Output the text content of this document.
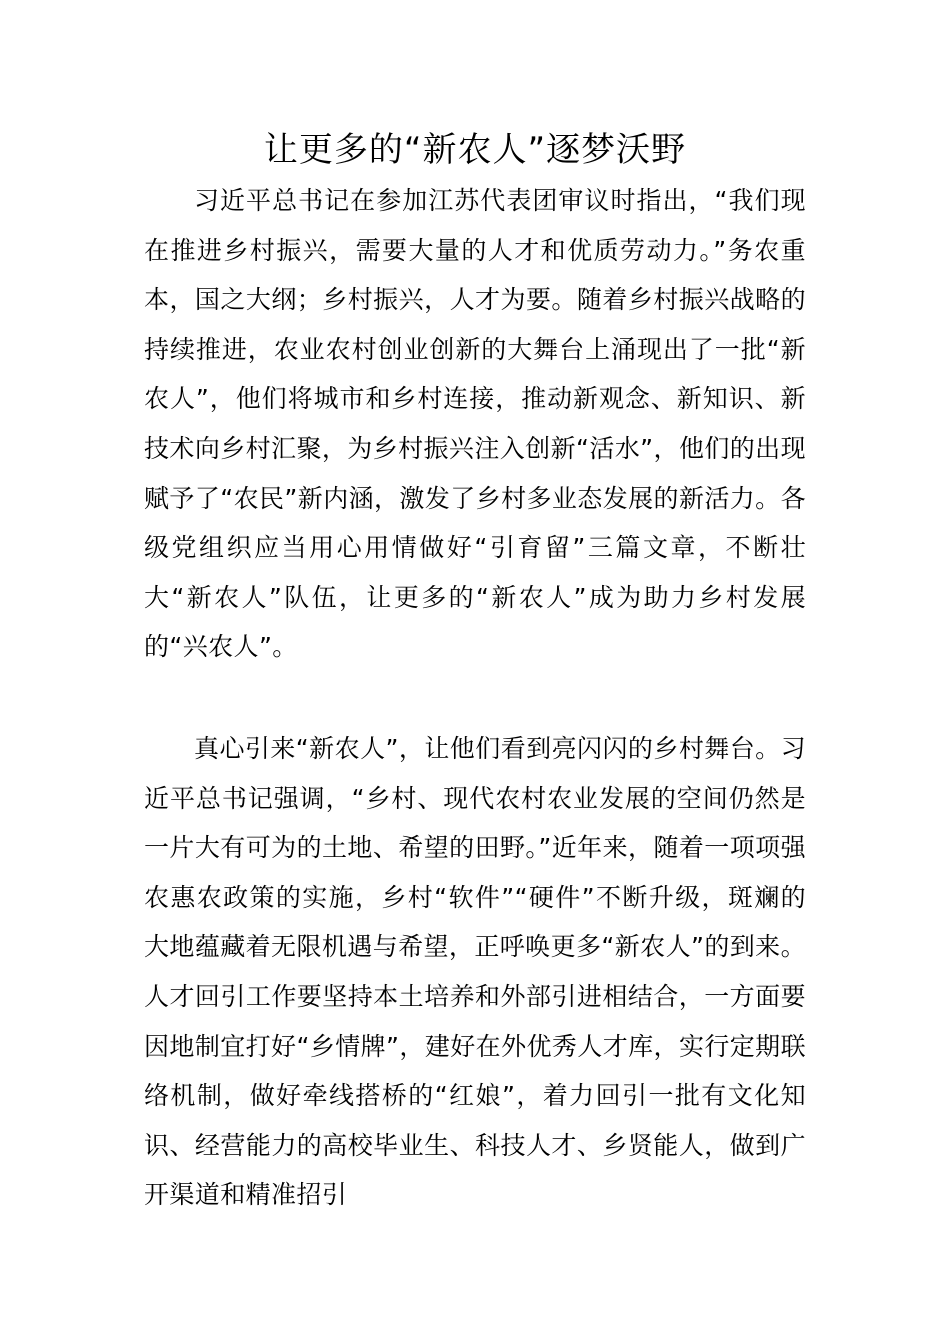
让更多的“新农人”逐梦沃野

习近平总书记在参加江苏代表团审议时指出，“我们现在推进乡村振兴，需要大量的人才和优质劳动力。”务农重本，国之大纲；乡村振兴，人才为要。随着乡村振兴战略的持续推进，农业农村创业创新的大舞台上涌现出了一批“新农人”，他们将城市和乡村连接，推动新观念、新知识、新技术向乡村汇聚，为乡村振兴注入创新“活水”，他们的出现赋予了“农民”新内涵，激发了乡村多业态发展的新活力。各级党组织应当用心用情做好“引育留”三篇文章，不断壮大“新农人”队伍，让更多的“新农人”成为助力乡村发展的“兴农人”。

真心引来“新农人”，让他们看到亮闪闪的乡村舞台。习近平总书记强调，“乡村、现代农村农业发展的空间仍然是一片大有可为的土地、希望的田野。”近年来，随着一项项强农惠农政策的实施，乡村“软件”“硬件”不断升级，斑斓的大地蕴藏着无限机遇与希望，正呼唤更多“新农人”的到来。人才回引工作要坚持本土培养和外部引进相结合，一方面要因地制宜打好“乡情牌”，建好在外优秀人才库，实行定期联络机制，做好牵线搭桥的“红娘”，着力回引一批有文化知识、经营能力的高校毕业生、科技人才、乡贤能人，做到广开渠道和精准招引
